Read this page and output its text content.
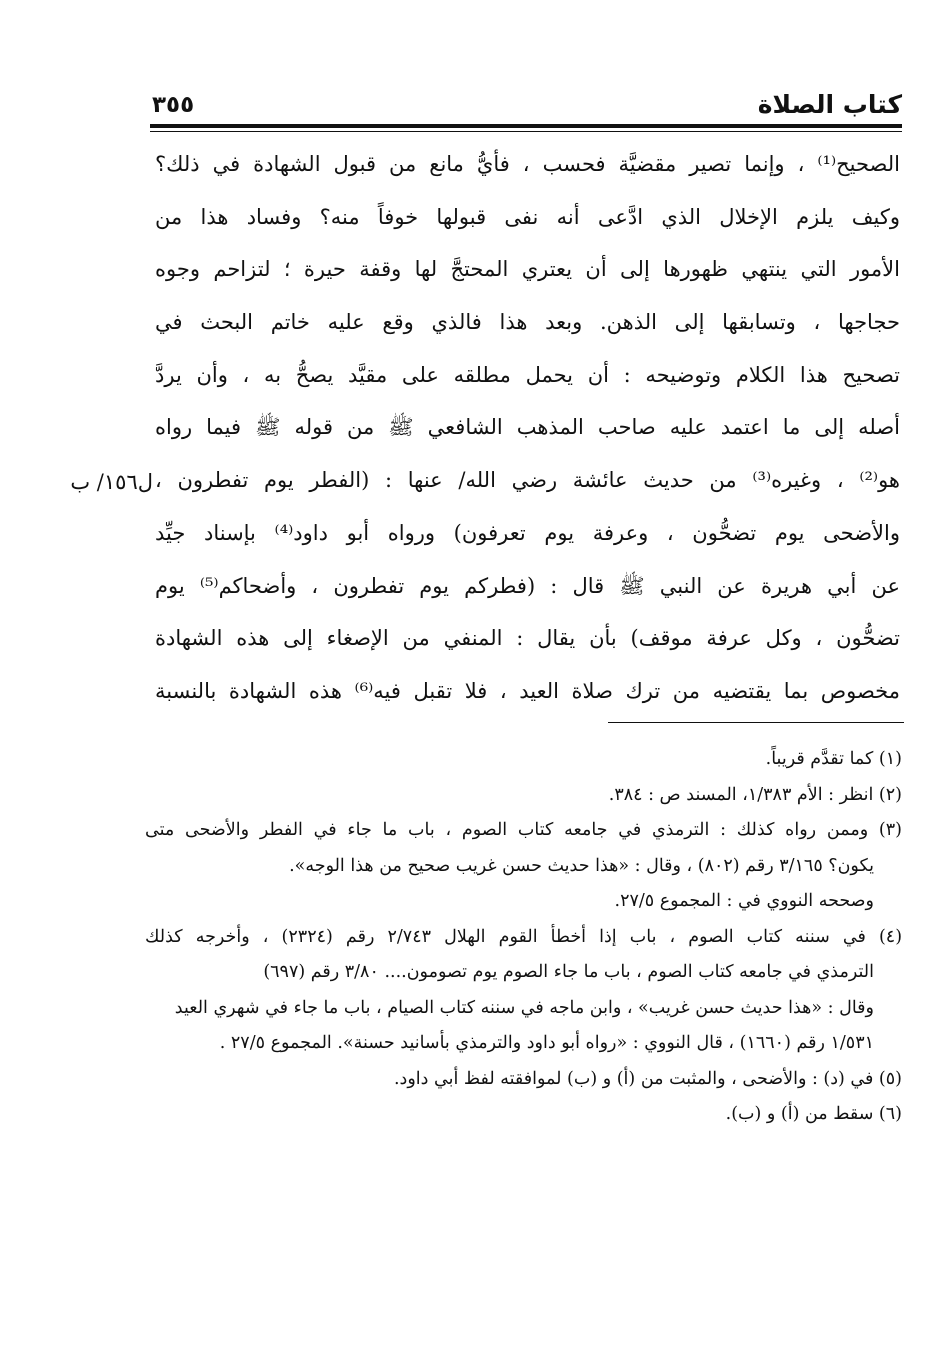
كتاب الصلاة
٣٥٥
الصحيح⁽¹⁾ ، وإنما تصير مقضيَّة فحسب ، فأيُّ مانع من قبول الشهادة في ذلك؟
وكيف يلزم الإخلال الذي ادَّعى أنه نفى قبولها خوفاً منه؟ وفساد هذا من
الأمور التي ينتهي ظهورها إلى أن يعتري المحتجَّ لها وقفة حيرة ؛ لتزاحم وجوه
حجاجها ، وتسابقها إلى الذهن. وبعد هذا فالذي وقع عليه خاتم البحث في
تصحيح هذا الكلام وتوضيحه : أن يحمل مطلقه على مقيَّد يصحُّ به ، وأن يردَّ
أصله إلى ما اعتمد عليه صاحب المذهب الشافعي ﷺ من قوله ﷺ فيما رواه
هو⁽²⁾ ، وغيره⁽³⁾ من حديث عائشة رضي الله/ عنها : (الفطر يوم تفطرون ،
والأضحى يوم تضحُّون ، وعرفة يوم تعرفون) ورواه أبو داود⁽⁴⁾ بإسناد جيِّد
عن أبي هريرة عن النبي ﷺ قال : (فطركم يوم تفطرون ، وأضحاكم⁽⁵⁾ يوم
تضحُّون ، وكل عرفة موقف) بأن يقال : المنفي من الإصغاء إلى هذه الشهادة
مخصوص بما يقتضيه من ترك صلاة العيد ، فلا تقبل فيه⁽⁶⁾ هذه الشهادة بالنسبة
ل١٥٦/ ب
(١) كما تقدَّم قريباً.
(٢) انظر : الأم ١/٣٨٣، المسند ص : ٣٨٤.
(٣) وممن رواه كذلك : الترمذي في جامعه كتاب الصوم ، باب ما جاء في الفطر والأضحى متى
يكون؟ ٣/١٦٥ رقم (٨٠٢) ، وقال : «هذا حديث حسن غريب صحيح من هذا الوجه».
وصححه النووي في : المجموع ٢٧/٥.
(٤) في سننه كتاب الصوم ، باب إذا أخطأ القوم الهلال ٢/٧٤٣ رقم (٢٣٢٤) ، وأخرجه كذلك
الترمذي في جامعه كتاب الصوم ، باب ما جاء الصوم يوم تصومون.... ٣/٨٠ رقم (٦٩٧)
وقال : «هذا حديث حسن غريب» ، وابن ماجه في سننه كتاب الصيام ، باب ما جاء في شهري العيد
١/٥٣١ رقم (١٦٦٠) ، قال النووي : «رواه أبو داود والترمذي بأسانيد حسنة». المجموع ٢٧/٥ .
(٥) في (د) : والأضحى ، والمثبت من (أ) و (ب) لموافقته لفظ أبي داود.
(٦) سقط من (أ) و (ب).
